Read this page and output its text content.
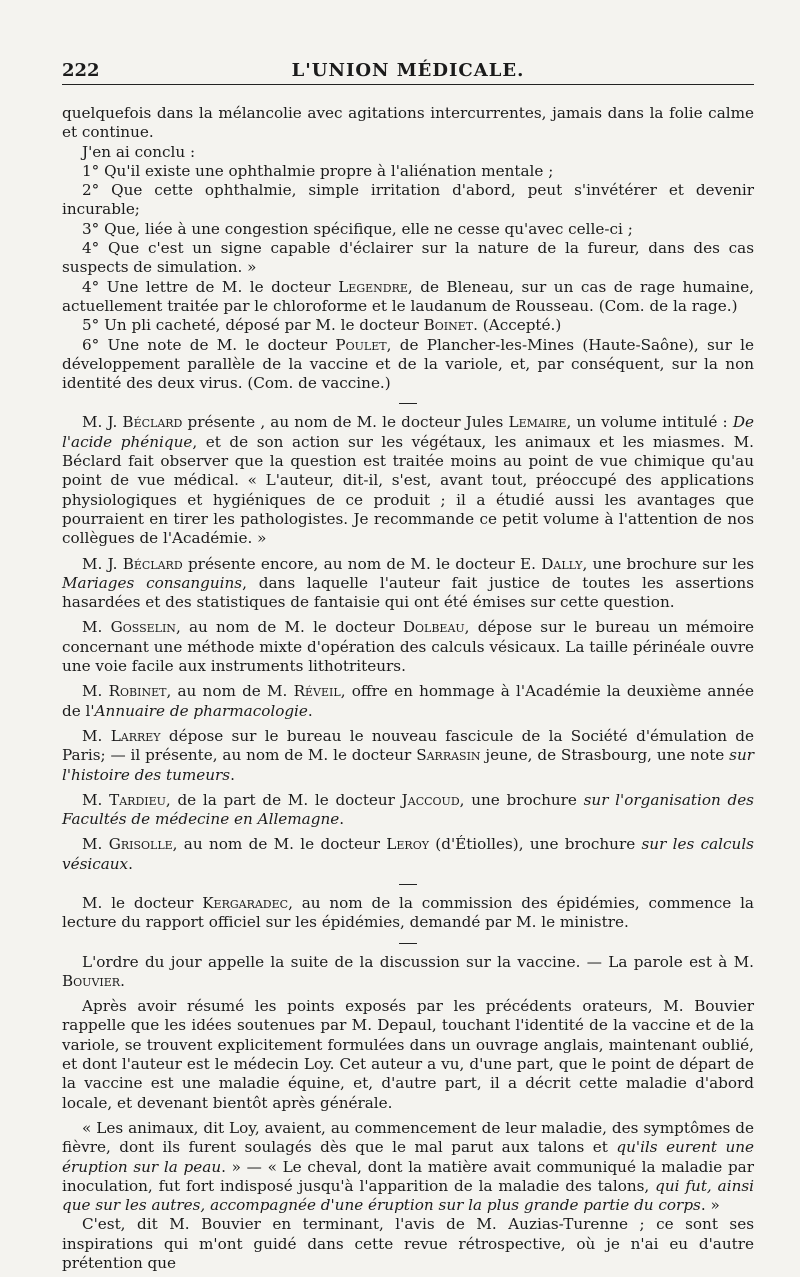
222	L'UNION MÉDICALE.

quelquefois dans la mélancolie avec agitations intercurrentes, jamais dans la folie calme et continue.

J'en ai conclu :

1° Qu'il existe une ophthalmie propre à l'aliénation mentale ;

2° Que cette ophthalmie, simple irritation d'abord, peut s'invétérer et devenir incurable;

3° Que, liée à une congestion spécifique, elle ne cesse qu'avec celle-ci ;

4° Que c'est un signe capable d'éclairer sur la nature de la fureur, dans des cas suspects de simulation. »

4° Une lettre de M. le docteur Legendre, de Bleneau, sur un cas de rage humaine, actuellement traitée par le chloroforme et le laudanum de Rousseau. (Com. de la rage.)

5° Un pli cacheté, déposé par M. le docteur Boinet. (Accepté.)

6° Une note de M. le docteur Poulet, de Plancher-les-Mines (Haute-Saône), sur le développement parallèle de la vaccine et de la variole, et, par conséquent, sur la non identité des deux virus. (Com. de vaccine.)

M. J. Béclard présente , au nom de M. le docteur Jules Lemaire, un volume intitulé : De l'acide phénique, et de son action sur les végétaux, les animaux et les miasmes. M. Béclard fait observer que la question est traitée moins au point de vue chimique qu'au point de vue médical. « L'auteur, dit-il, s'est, avant tout, préoccupé des applications physiologiques et hygiéniques de ce produit ; il a étudié aussi les avantages que pourraient en tirer les pathologistes. Je recommande ce petit volume à l'attention de nos collègues de l'Académie. »

M. J. Béclard présente encore, au nom de M. le docteur E. Dally, une brochure sur les Mariages consanguins, dans laquelle l'auteur fait justice de toutes les assertions hasardées et des statistiques de fantaisie qui ont été émises sur cette question.

M. Gosselin, au nom de M. le docteur Dolbeau, dépose sur le bureau un mémoire concernant une méthode mixte d'opération des calculs vésicaux. La taille périnéale ouvre une voie facile aux instruments lithotriteurs.

M. Robinet, au nom de M. Réveil, offre en hommage à l'Académie la deuxième année de l'Annuaire de pharmacologie.

M. Larrey dépose sur le bureau le nouveau fascicule de la Société d'émulation de Paris; — il présente, au nom de M. le docteur Sarrasin jeune, de Strasbourg, une note sur l'histoire des tumeurs.

M. Tardieu, de la part de M. le docteur Jaccoud, une brochure sur l'organisation des Facultés de médecine en Allemagne.

M. Grisolle, au nom de M. le docteur Leroy (d'Étiolles), une brochure sur les calculs vésicaux.

M. le docteur Kergaradec, au nom de la commission des épidémies, commence la lecture du rapport officiel sur les épidémies, demandé par M. le ministre.

L'ordre du jour appelle la suite de la discussion sur la vaccine. — La parole est à M. Bouvier.

Après avoir résumé les points exposés par les précédents orateurs, M. Bouvier rappelle que les idées soutenues par M. Depaul, touchant l'identité de la vaccine et de la variole, se trouvent explicitement formulées dans un ouvrage anglais, maintenant oublié, et dont l'auteur est le médecin Loy. Cet auteur a vu, d'une part, que le point de départ de la vaccine est une maladie équine, et, d'autre part, il a décrit cette maladie d'abord locale, et devenant bientôt après générale.

« Les animaux, dit Loy, avaient, au commencement de leur maladie, des symptômes de fièvre, dont ils furent soulagés dès que le mal parut aux talons et qu'ils eurent une éruption sur la peau. » — « Le cheval, dont la matière avait communiqué la maladie par inoculation, fut fort indisposé jusqu'à l'apparition de la maladie des talons, qui fut, ainsi que sur les autres, accompagnée d'une éruption sur la plus grande partie du corps. »

C'est, dit M. Bouvier en terminant, l'avis de M. Auzias-Turenne ; ce sont ses inspirations qui m'ont guidé dans cette revue rétrospective, où je n'ai eu d'autre prétention que
